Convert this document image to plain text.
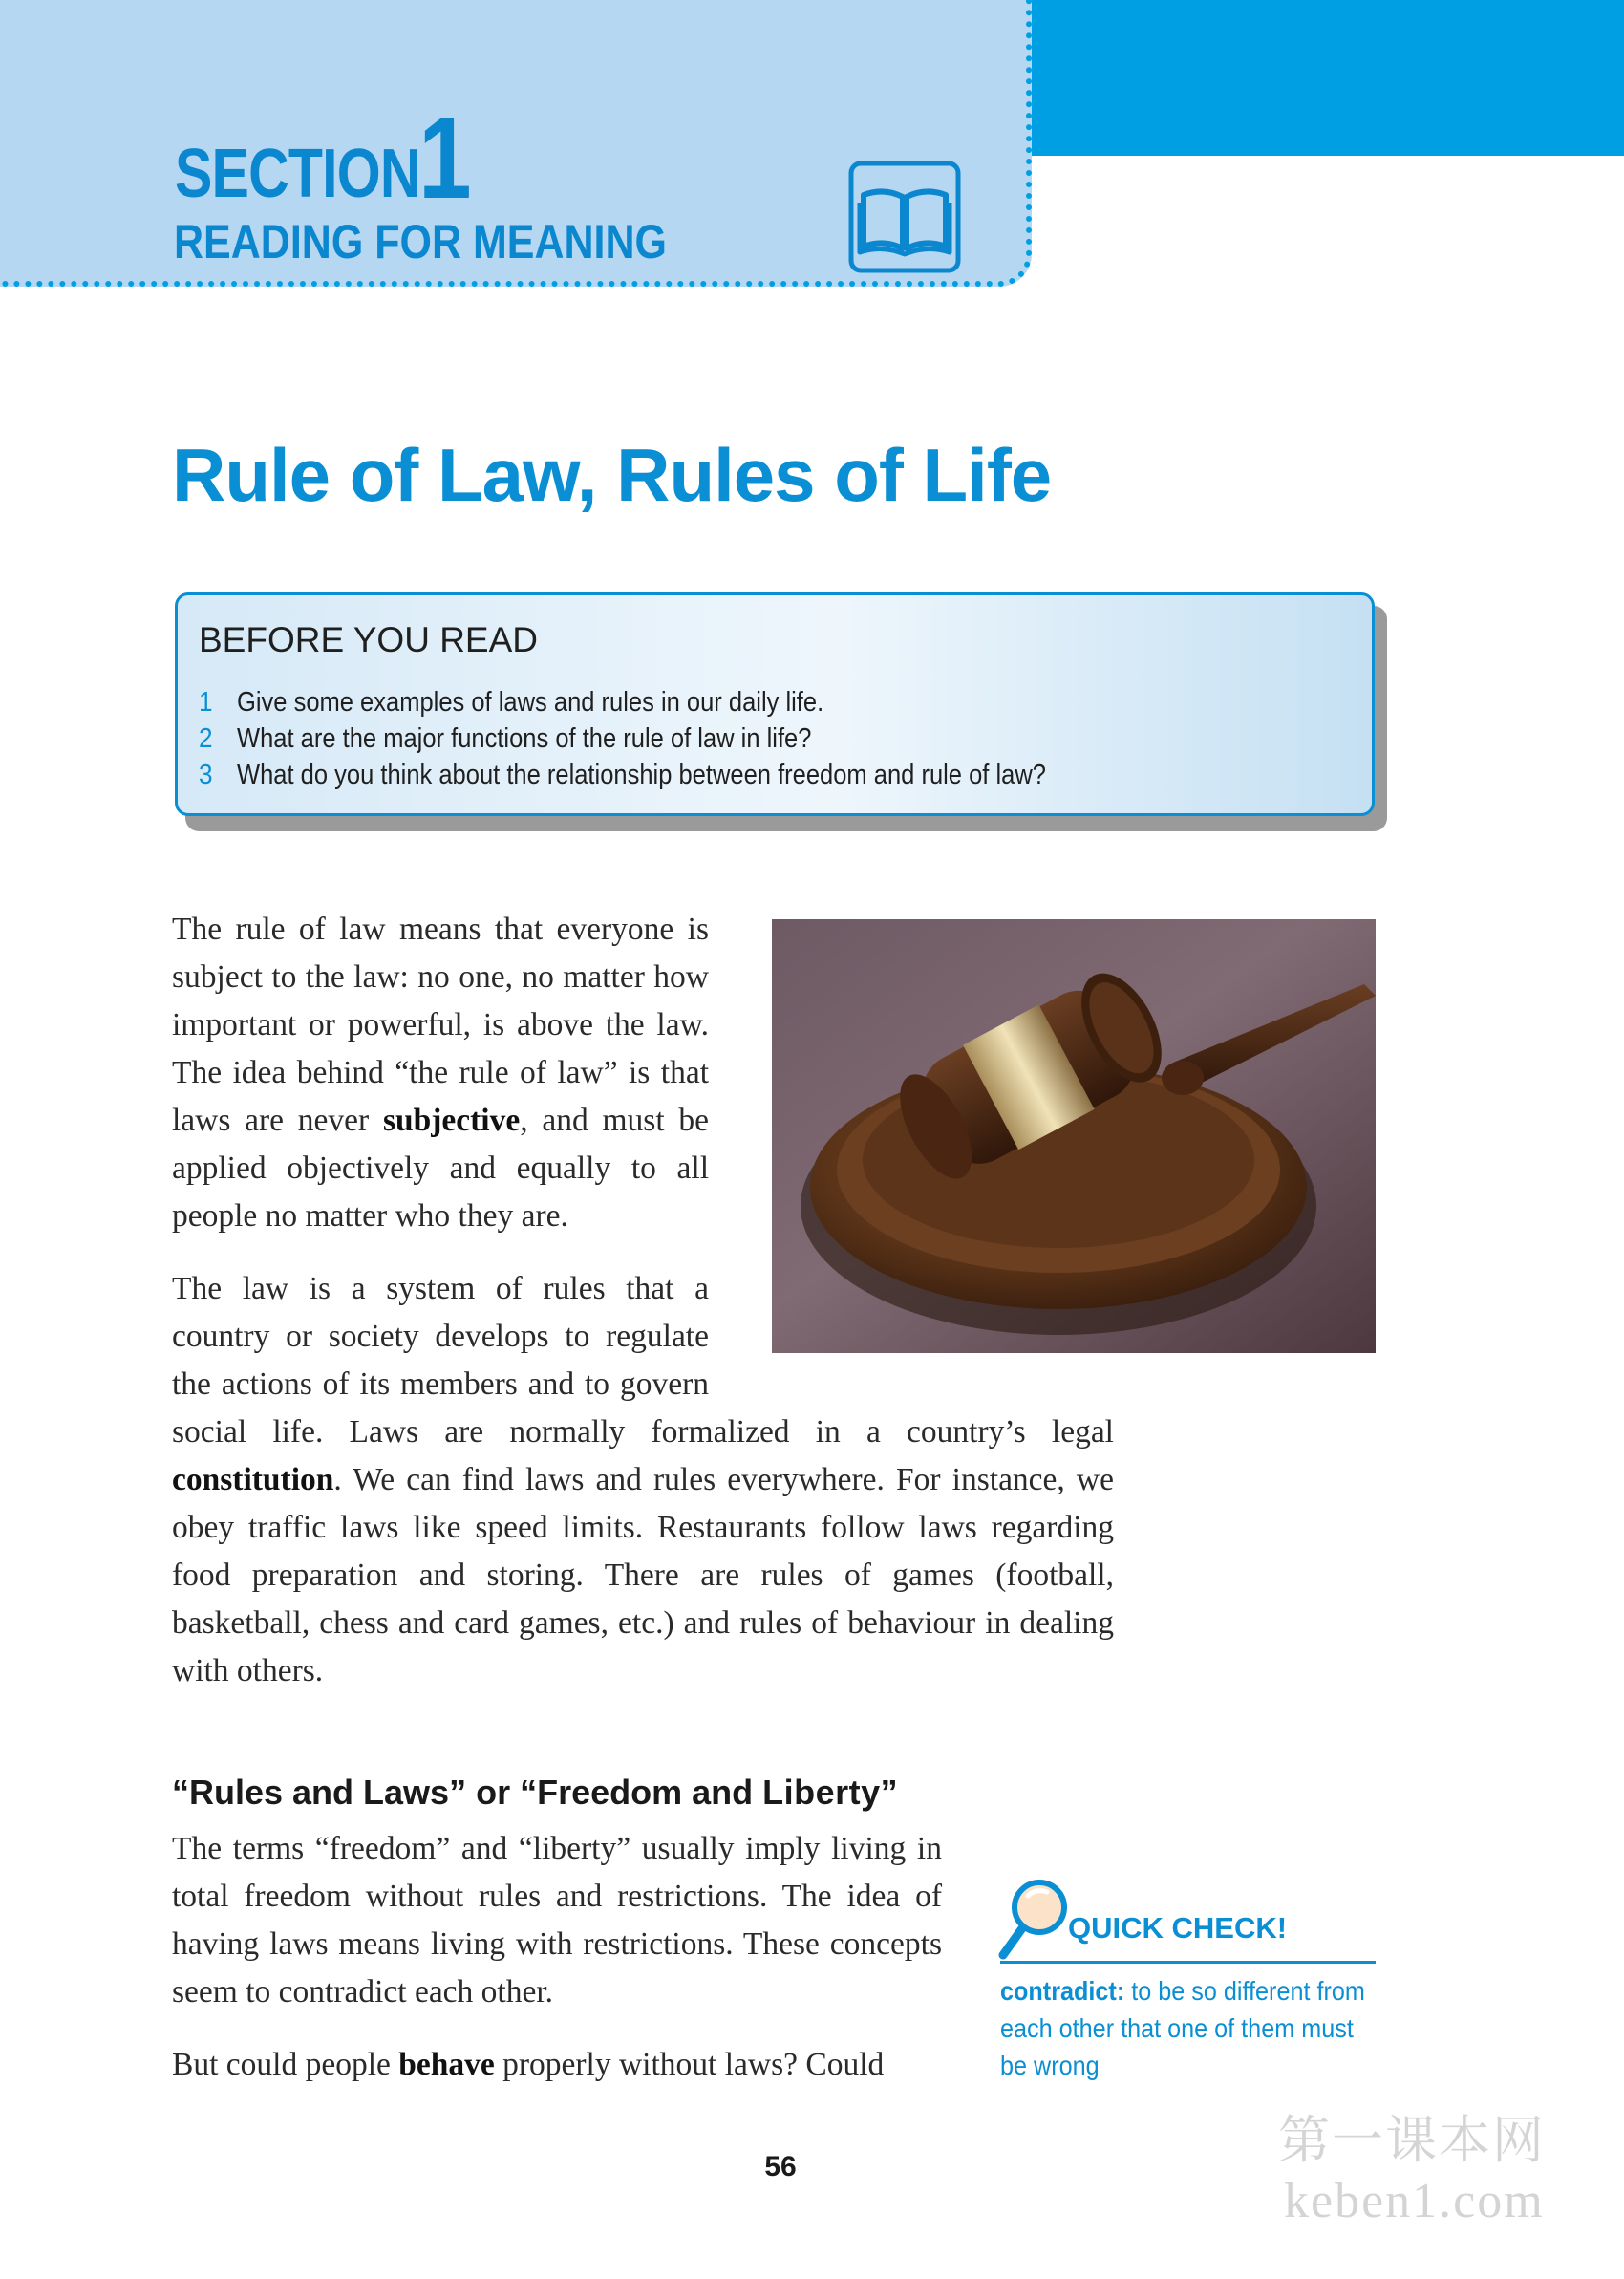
SECTION
1
READING FOR MEANING
Rule of Law, Rules of Life
BEFORE YOU READ
1 Give some examples of laws and rules in our daily life.
2 What are the major functions of the rule of law in life?
3 What do you think about the relationship between freedom and rule of law?

The rule of law means that everyone is subject to the law: no one, no matter how important or powerful, is above the law. The idea behind “the rule of law” is that laws are never subjective, and must be applied objectively and equally to all people no matter who they are.

The law is a system of rules that a
country or society develops to regulate
the actions of its members and to govern
social life. Laws are normally formalized in a country’s legal constitution. We can find laws and rules everywhere. For instance, we obey traffic laws like speed limits. Restaurants follow laws regarding food preparation and storing. There are rules of games (football, basketball, chess and card games, etc.) and rules of behaviour in dealing with others.

“Rules and Laws” or “Freedom and Liberty”

The terms “freedom” and “liberty” usually imply living in total freedom without rules and restrictions. The idea of having laws means living with restrictions. These concepts seem to contradict each other.

But could people behave properly without laws? Could

QUICK CHECK!

contradict: to be so different from each other that one of them must be wrong

56	第一课本网
keben1.com
